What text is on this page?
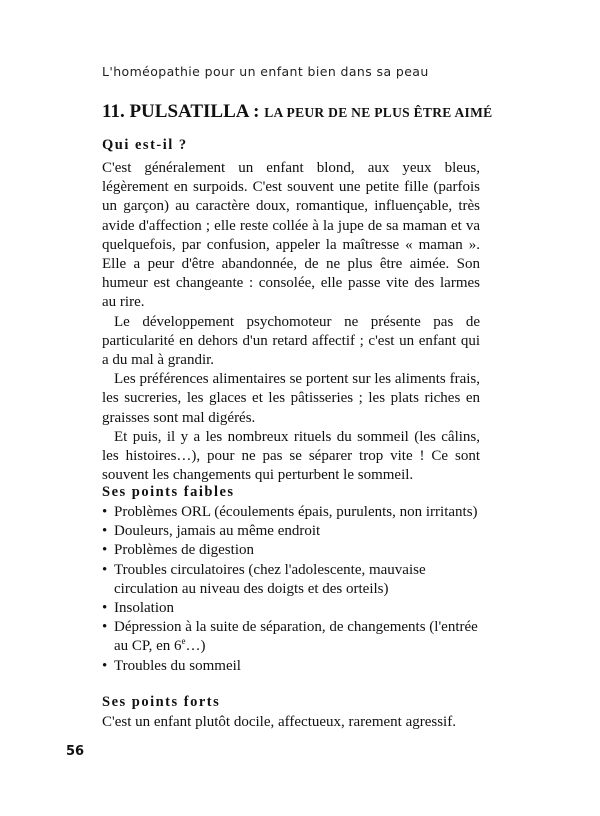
L'homéopathie pour un enfant bien dans sa peau
11. PULSATILLA : LA PEUR DE NE PLUS ÊTRE AIMÉ
Qui est-il ?

C'est généralement un enfant blond, aux yeux bleus, légèrement en surpoids. C'est souvent une petite fille (parfois un garçon) au caractère doux, romantique, influençable, très avide d'affection ; elle reste collée à la jupe de sa maman et va quelquefois, par confusion, appeler la maîtresse « maman ». Elle a peur d'être abandonnée, de ne plus être aimée. Son humeur est changeante : consolée, elle passe vite des larmes au rire.

Le développement psychomoteur ne présente pas de particularité en dehors d'un retard affectif ; c'est un enfant qui a du mal à grandir.

Les préférences alimentaires se portent sur les aliments frais, les sucreries, les glaces et les pâtisseries ; les plats riches en graisses sont mal digérés.

Et puis, il y a les nombreux rituels du sommeil (les câlins, les histoires…), pour ne pas se séparer trop vite ! Ce sont souvent les changements qui perturbent le sommeil.

Ses points faibles
• Problèmes ORL (écoulements épais, purulents, non irritants)
• Douleurs, jamais au même endroit
• Problèmes de digestion
• Troubles circulatoires (chez l'adolescente, mauvaise circulation au niveau des doigts et des orteils)
• Insolation
• Dépression à la suite de séparation, de changements (l'entrée au CP, en 6e…)
• Troubles du sommeil
Ses points forts

C'est un enfant plutôt docile, affectueux, rarement agressif.

56
